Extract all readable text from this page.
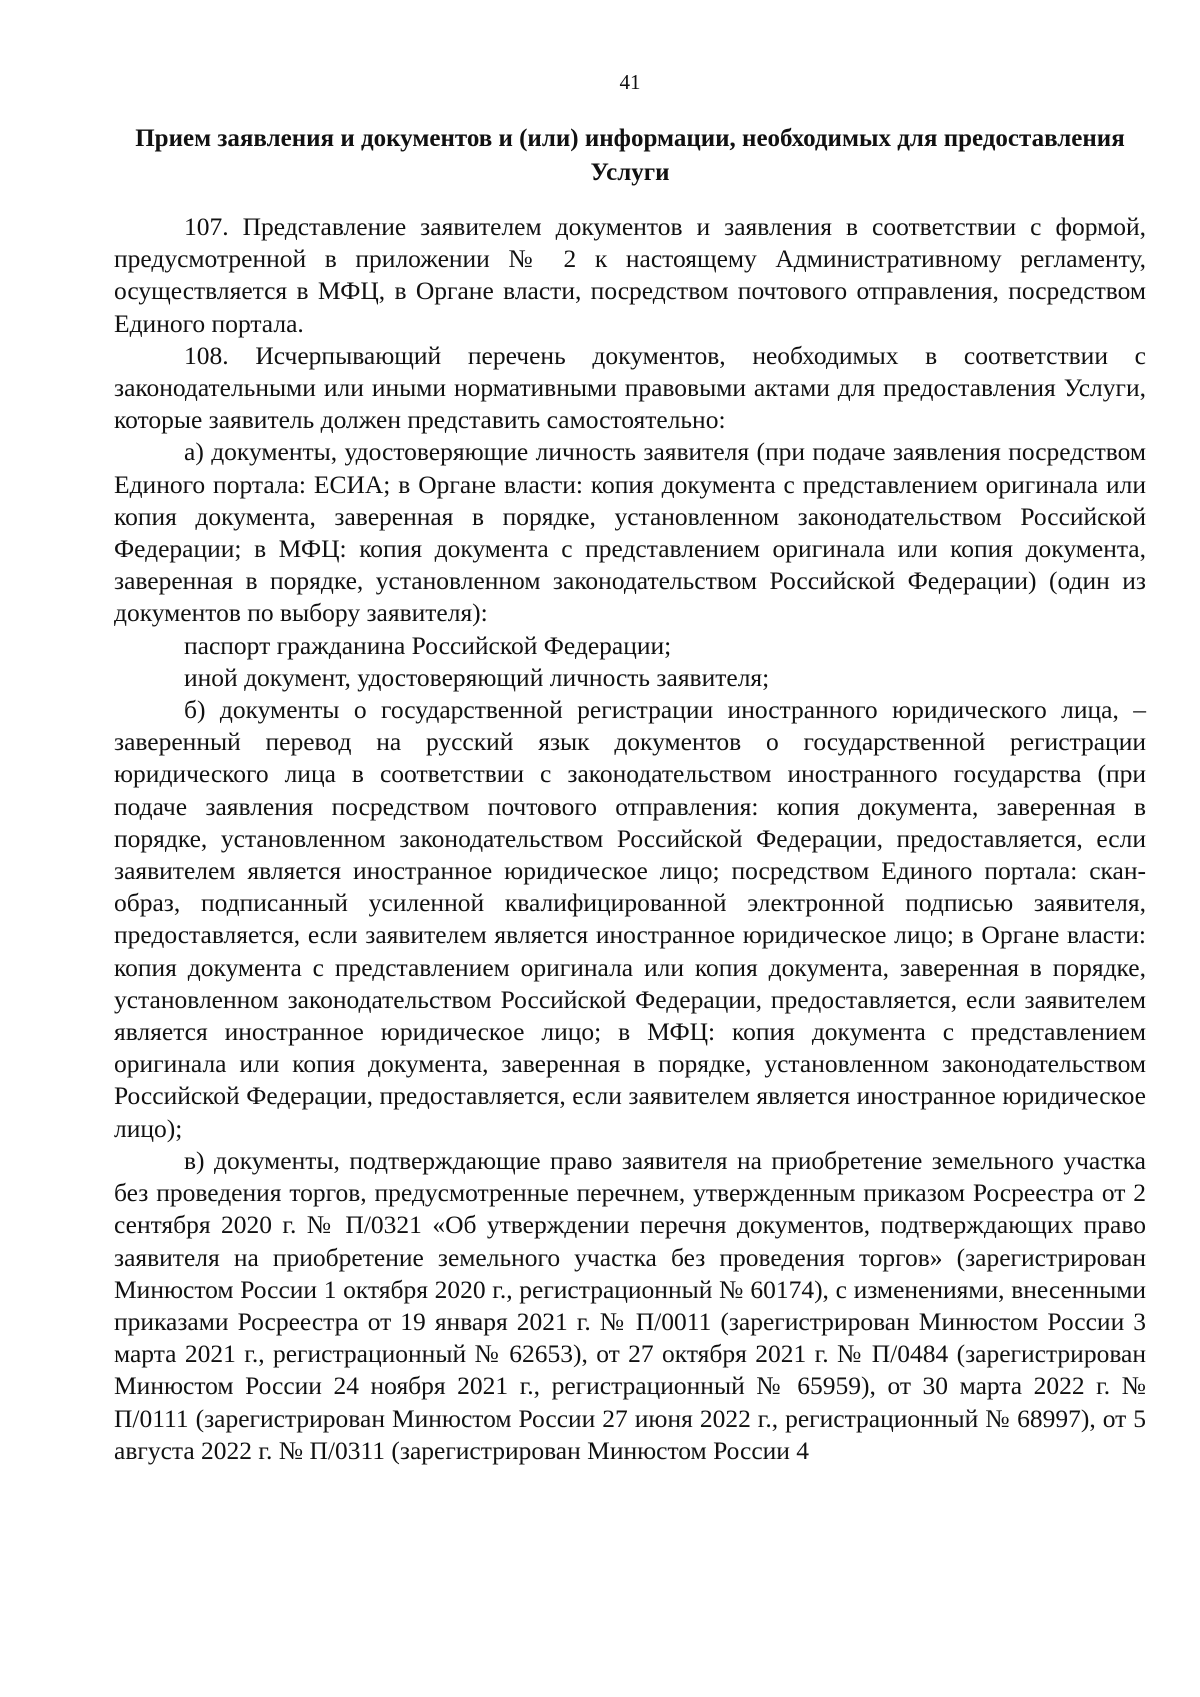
41
Прием заявления и документов и (или) информации, необходимых для предоставления Услуги

107. Представление заявителем документов и заявления в соответствии с формой, предусмотренной в приложении № 2 к настоящему Административному регламенту, осуществляется в МФЦ, в Органе власти, посредством почтового отправления, посредством Единого портала.

108. Исчерпывающий перечень документов, необходимых в соответствии с законодательными или иными нормативными правовыми актами для предоставления Услуги, которые заявитель должен представить самостоятельно:

а) документы, удостоверяющие личность заявителя (при подаче заявления посредством Единого портала: ЕСИА; в Органе власти: копия документа с представлением оригинала или копия документа, заверенная в порядке, установленном законодательством Российской Федерации; в МФЦ: копия документа с представлением оригинала или копия документа, заверенная в порядке, установленном законодательством Российской Федерации) (один из документов по выбору заявителя):

паспорт гражданина Российской Федерации;

иной документ, удостоверяющий личность заявителя;

б) документы о государственной регистрации иностранного юридического лица, – заверенный перевод на русский язык документов о государственной регистрации юридического лица в соответствии с законодательством иностранного государства (при подаче заявления посредством почтового отправления: копия документа, заверенная в порядке, установленном законодательством Российской Федерации, предоставляется, если заявителем является иностранное юридическое лицо; посредством Единого портала: скан-образ, подписанный усиленной квалифицированной электронной подписью заявителя, предоставляется, если заявителем является иностранное юридическое лицо; в Органе власти: копия документа с представлением оригинала или копия документа, заверенная в порядке, установленном законодательством Российской Федерации, предоставляется, если заявителем является иностранное юридическое лицо; в МФЦ: копия документа с представлением оригинала или копия документа, заверенная в порядке, установленном законодательством Российской Федерации, предоставляется, если заявителем является иностранное юридическое лицо);

в) документы, подтверждающие право заявителя на приобретение земельного участка без проведения торгов, предусмотренные перечнем, утвержденным приказом Росреестра от 2 сентября 2020 г. № П/0321 «Об утверждении перечня документов, подтверждающих право заявителя на приобретение земельного участка без проведения торгов» (зарегистрирован Минюстом России 1 октября 2020 г., регистрационный № 60174), с изменениями, внесенными приказами Росреестра от 19 января 2021 г. № П/0011 (зарегистрирован Минюстом России 3 марта 2021 г., регистрационный № 62653), от 27 октября 2021 г. № П/0484 (зарегистрирован Минюстом России 24 ноября 2021 г., регистрационный № 65959), от 30 марта 2022 г. № П/0111 (зарегистрирован Минюстом России 27 июня 2022 г., регистрационный № 68997), от 5 августа 2022 г. № П/0311 (зарегистрирован Минюстом России 4
